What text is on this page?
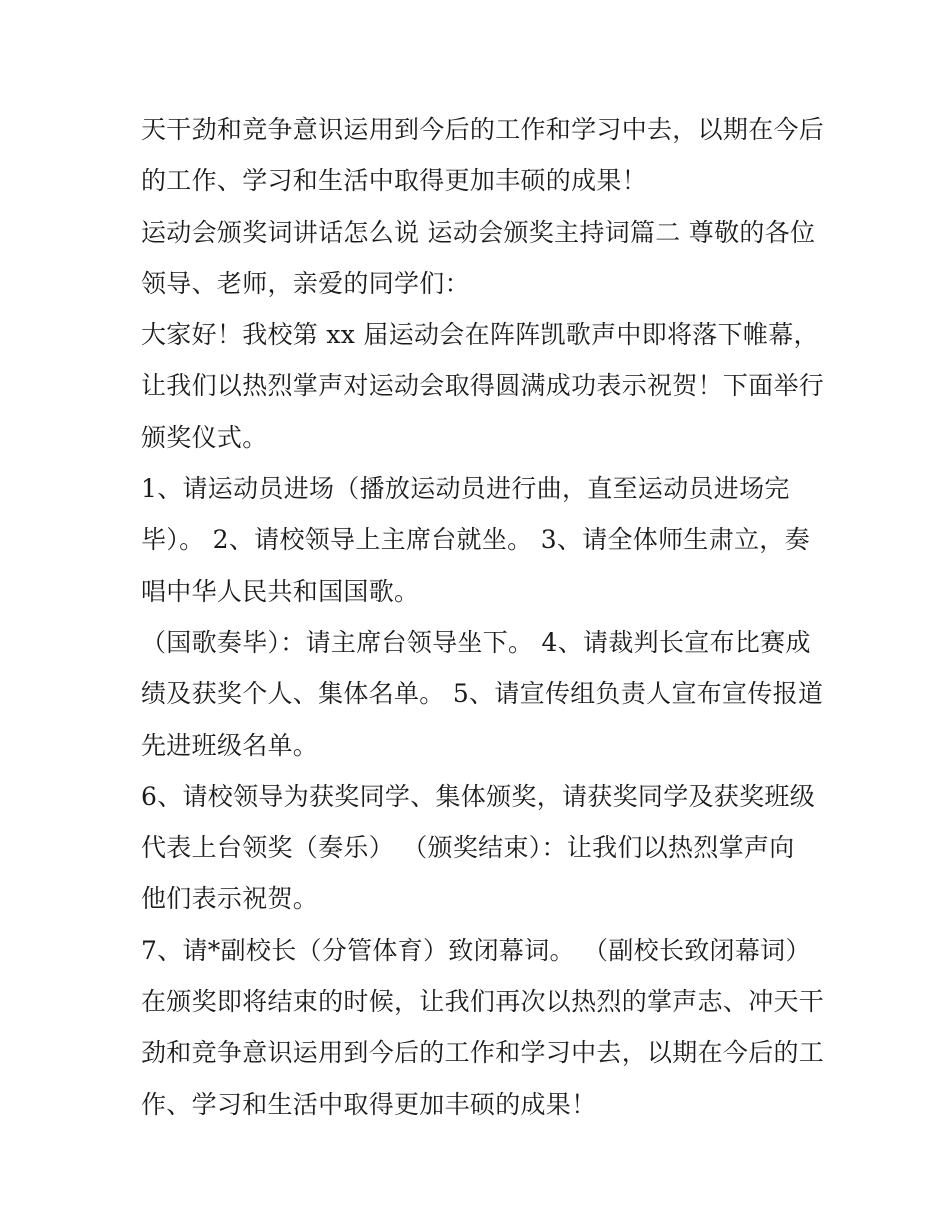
天干劲和竞争意识运用到今后的工作和学习中去，以期在今后
的工作、学习和生活中取得更加丰硕的成果！
运动会颁奖词讲话怎么说 运动会颁奖主持词篇二 尊敬的各位
领导、老师，亲爱的同学们：
大家好！我校第 xx 届运动会在阵阵凯歌声中即将落下帷幕，
让我们以热烈掌声对运动会取得圆满成功表示祝贺！下面举行
颁奖仪式。
1、请运动员进场（播放运动员进行曲，直至运动员进场完
毕）。 2、请校领导上主席台就坐。 3、请全体师生肃立，奏
唱中华人民共和国国歌。
（国歌奏毕）：请主席台领导坐下。 4、请裁判长宣布比赛成
绩及获奖个人、集体名单。 5、请宣传组负责人宣布宣传报道
先进班级名单。
6、请校领导为获奖同学、集体颁奖，请获奖同学及获奖班级
代表上台领奖（奏乐） （颁奖结束）：让我们以热烈掌声向
他们表示祝贺。
7、请*副校长（分管体育）致闭幕词。 （副校长致闭幕词）
在颁奖即将结束的时候，让我们再次以热烈的掌声志、冲天干
劲和竞争意识运用到今后的工作和学习中去，以期在今后的工
作、学习和生活中取得更加丰硕的成果！
